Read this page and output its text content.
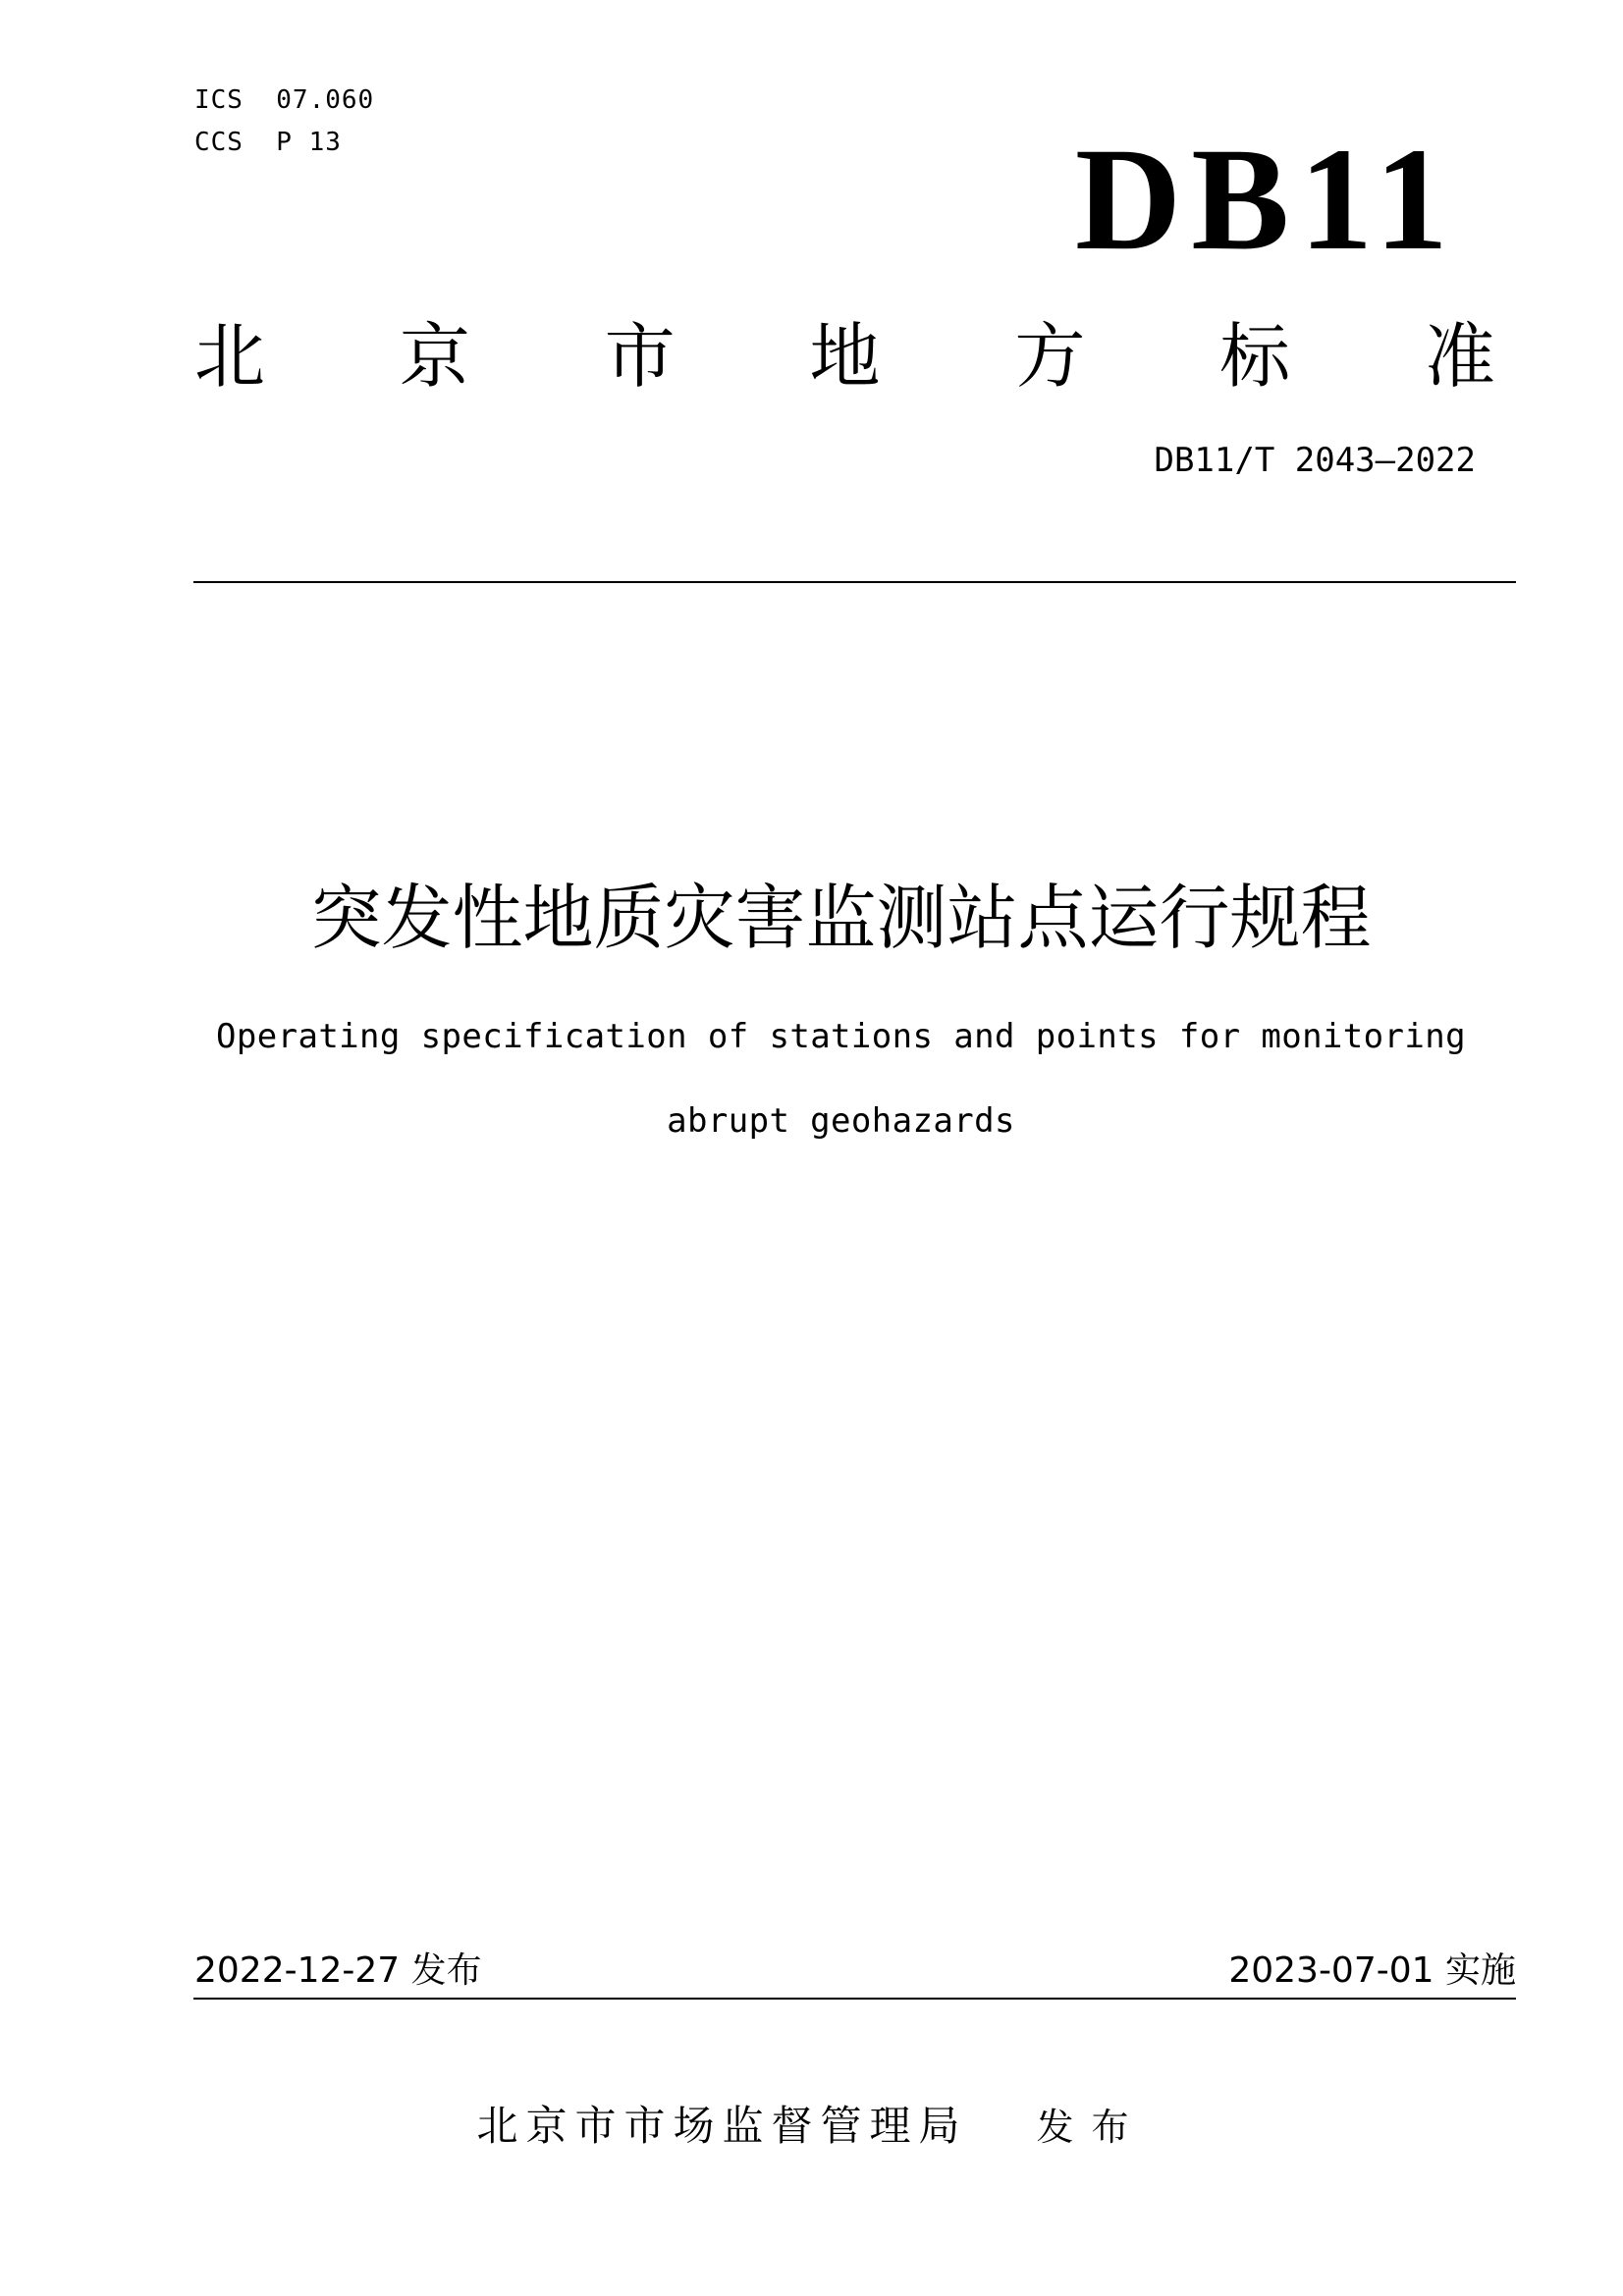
ICS  07.060
CCS  P 13	DB11
北 京 市 地 方 标 准
DB11/T 2043—2022
突发性地质灾害监测站点运行规程
Operating specification of stations and points for monitoring abrupt geohazards
2022-12-27 发布	2023-07-01 实施
北京市市场监督管理局 发布
